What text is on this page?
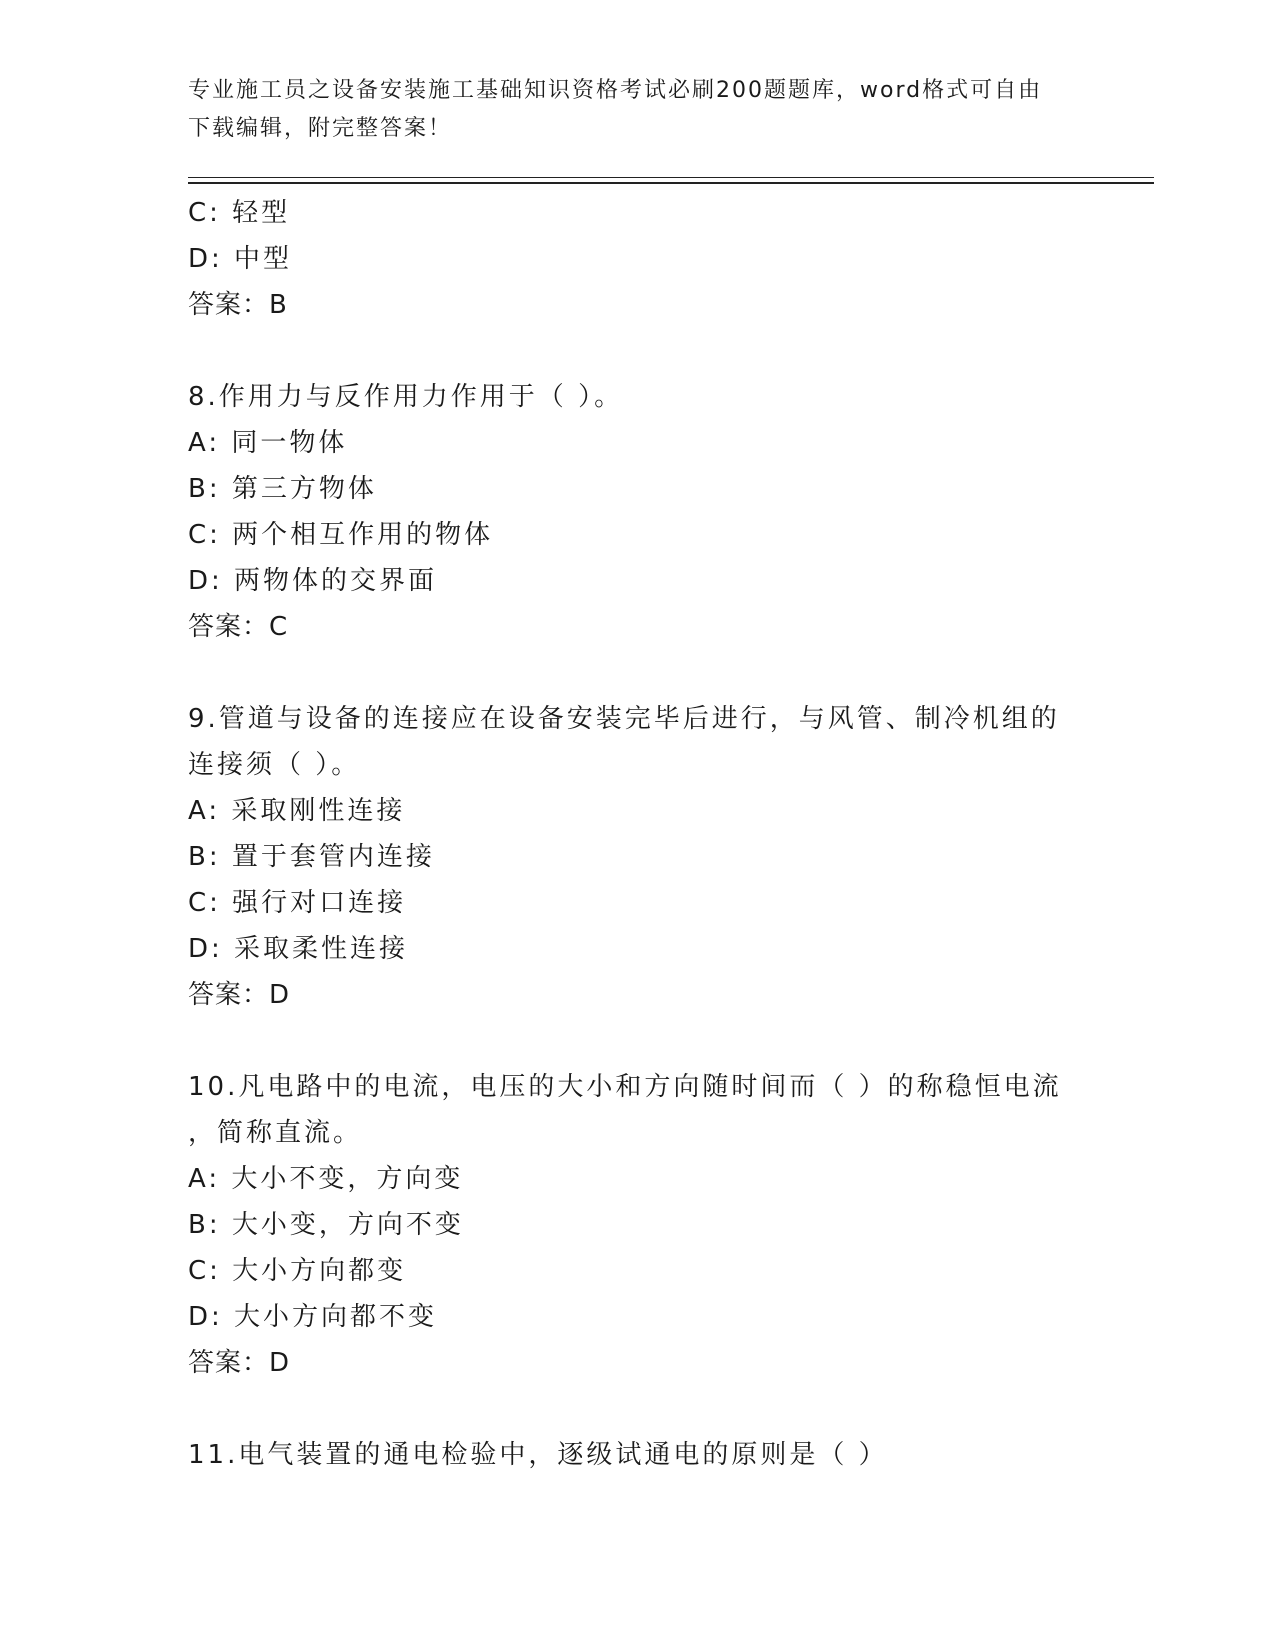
专业施工员之设备安装施工基础知识资格考试必刷200题题库，word格式可自由
下载编辑，附完整答案！
C: 轻型
D: 中型
答案：B
8.作用力与反作用力作用于（ ）。
A: 同一物体
B: 第三方物体
C: 两个相互作用的物体
D: 两物体的交界面
答案：C
9.管道与设备的连接应在设备安装完毕后进行，与风管、制冷机组的
连接须（ ）。
A: 采取刚性连接
B: 置于套管内连接
C: 强行对口连接
D: 采取柔性连接
答案：D
10.凡电路中的电流，电压的大小和方向随时间而（ ）的称稳恒电流
，简称直流。
A: 大小不变，方向变
B: 大小变，方向不变
C: 大小方向都变
D: 大小方向都不变
答案：D
11.电气装置的通电检验中，逐级试通电的原则是（ ）
